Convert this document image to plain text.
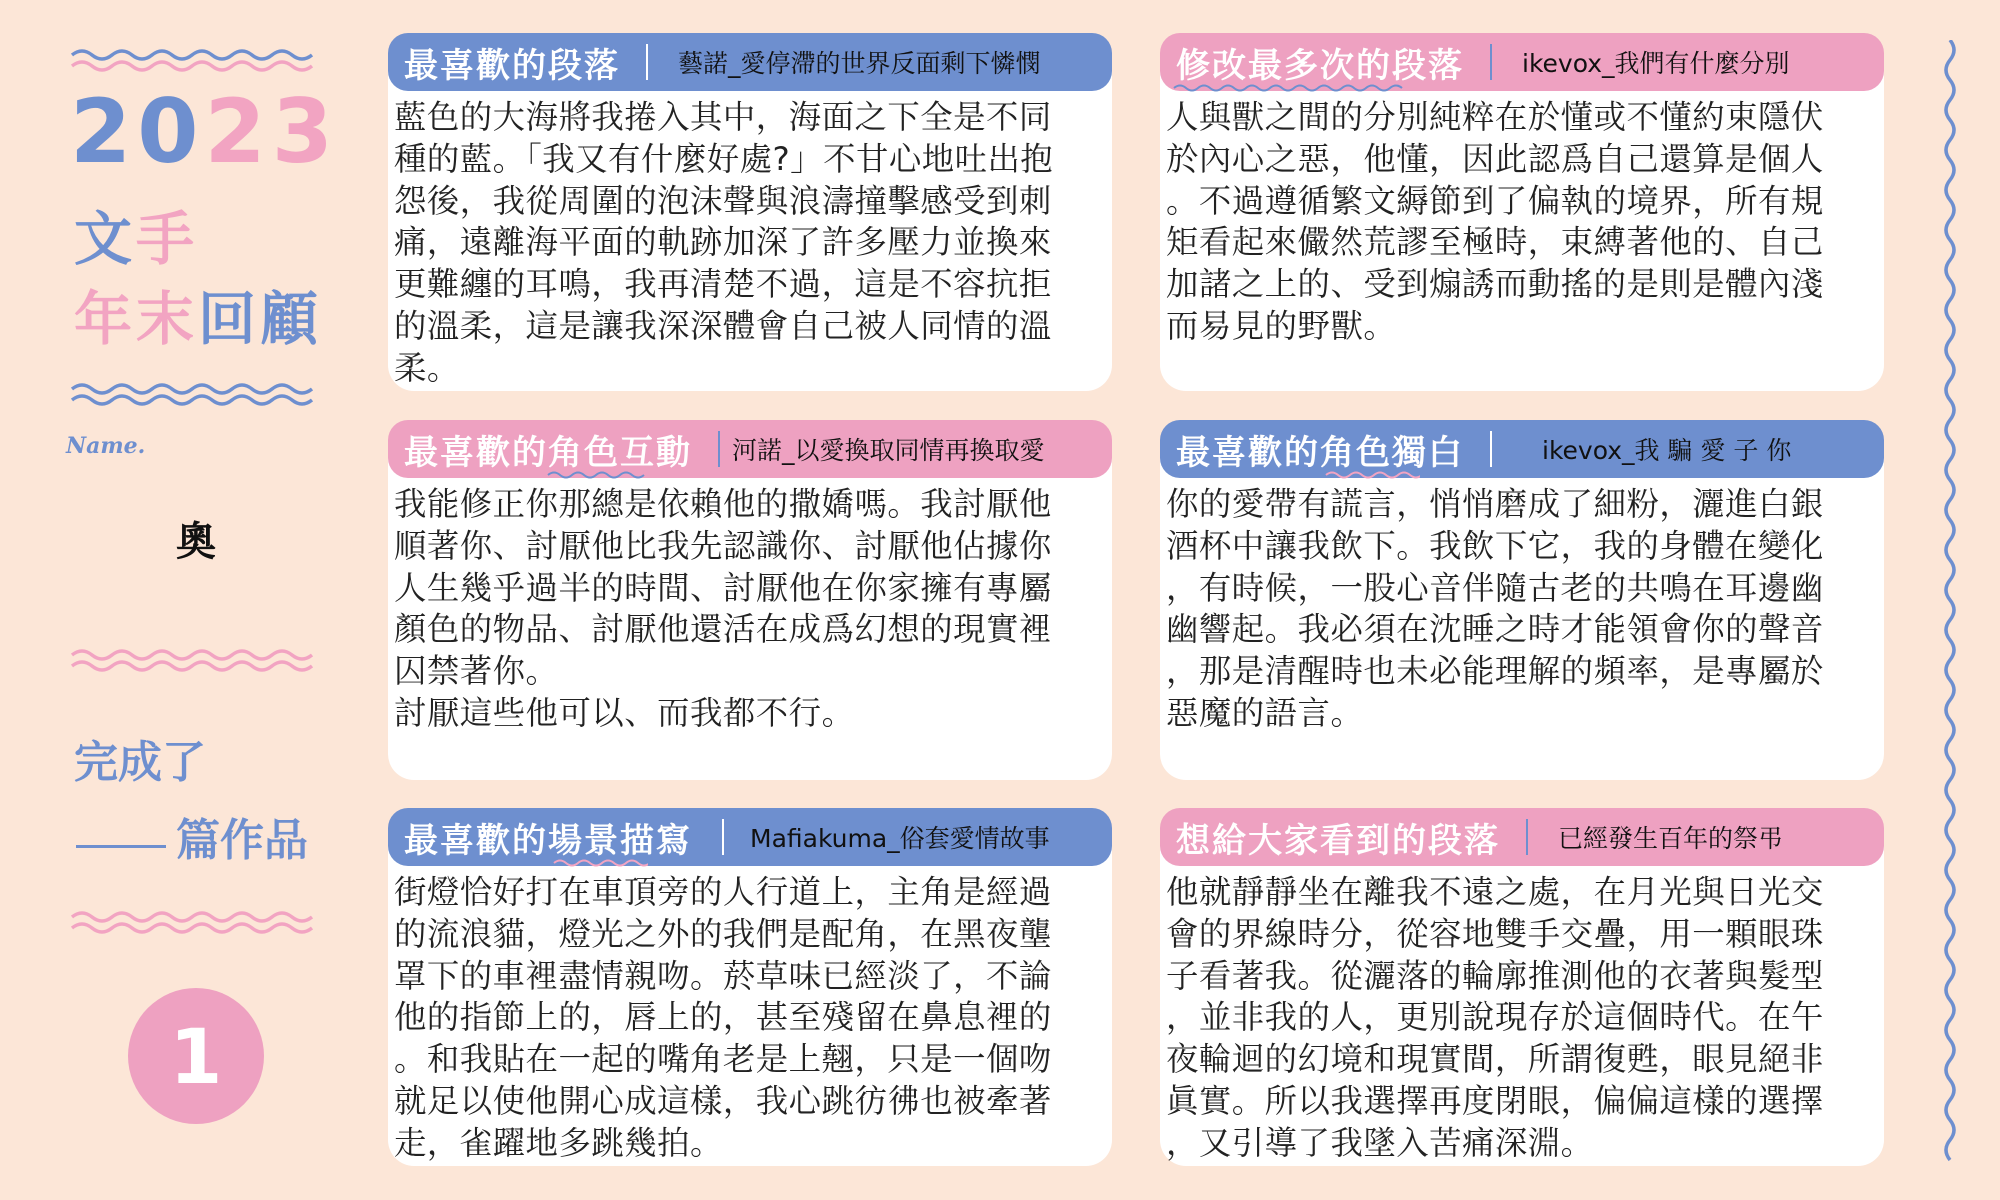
2023
文手
年末回顧
Name.
奧
完成了
篇作品
1
最喜歡的段落 藝諾_愛停滯的世界反面剩下憐憫
藍色的大海將我捲入其中，海面之下全是不同
種的藍。「我又有什麼好處?」不甘心地吐出抱
怨後，我從周圍的泡沫聲與浪濤撞擊感受到刺
痛，遠離海平面的軌跡加深了許多壓力並換來
更難纏的耳鳴，我再清楚不過，這是不容抗拒
的溫柔，這是讓我深深體會自己被人同情的溫
柔。
修改最多次的段落 ikevox_我們有什麼分別
人與獸之間的分別純粹在於懂或不懂約束隱伏
於內心之惡，他懂，因此認爲自己還算是個人
。不過遵循繁文縟節到了偏執的境界，所有規
矩看起來儼然荒謬至極時，束縛著他的、自己
加諸之上的、受到煽誘而動搖的是則是體內淺
而易見的野獸。
最喜歡的角色互動 河諾_以愛換取同情再換取愛
我能修正你那總是依賴他的撒嬌嗎。我討厭他
順著你、討厭他比我先認識你、討厭他佔據你
人生幾乎過半的時間、討厭他在你家擁有專屬
顏色的物品、討厭他還活在成爲幻想的現實裡
囚禁著你。
討厭這些他可以、而我都不行。
最喜歡的角色獨白	ikevox_我 騙 愛 子 你
你的愛帶有謊言，悄悄磨成了細粉，灑進白銀
酒杯中讓我飲下。我飲下它，我的身體在變化
，有時候，一股心音伴隨古老的共鳴在耳邊幽
幽響起。我必須在沈睡之時才能領會你的聲音
，那是清醒時也未必能理解的頻率，是專屬於
惡魔的語言。
最喜歡的場景描寫 Mafiakuma_俗套愛情故事
街燈恰好打在車頂旁的人行道上，主角是經過
的流浪貓，燈光之外的我們是配角，在黑夜壟
罩下的車裡盡情親吻。菸草味已經淡了，不論
他的指節上的，唇上的，甚至殘留在鼻息裡的
。和我貼在一起的嘴角老是上翹，只是一個吻
就足以使他開心成這樣，我心跳彷彿也被牽著
走，雀躍地多跳幾拍。
想給大家看到的段落 已經發生百年的祭弔
他就靜靜坐在離我不遠之處，在月光與日光交
會的界線時分，從容地雙手交疊，用一顆眼珠
子看著我。從灑落的輪廓推測他的衣著與髮型
，並非我的人，更別說現存於這個時代。在午
夜輪迴的幻境和現實間，所謂復甦，眼見絕非
眞實。所以我選擇再度閉眼，偏偏這樣的選擇
，又引導了我墜入苦痛深淵。
